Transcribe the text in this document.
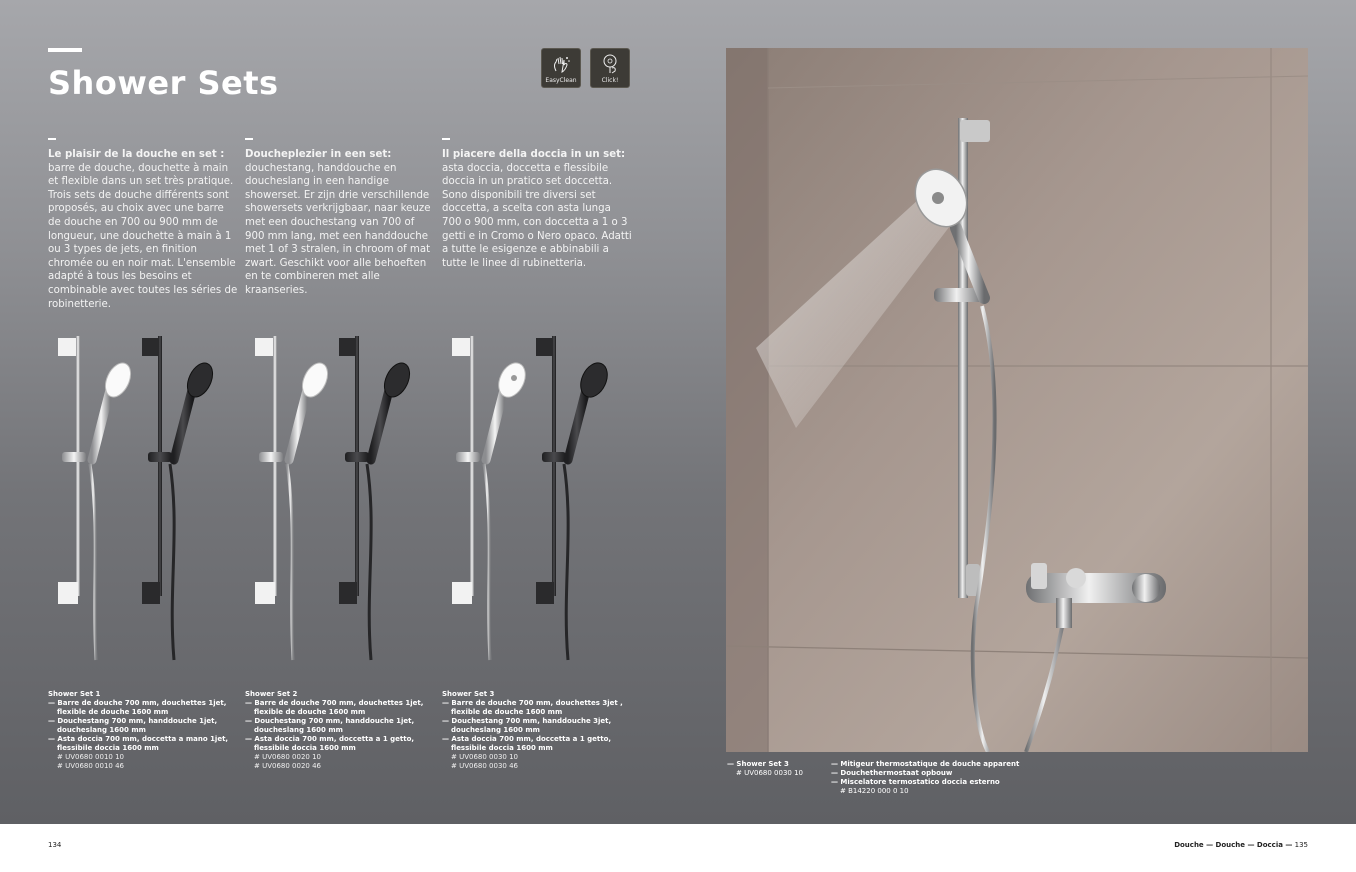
Shower Sets	EasyClean	Click!

Le plaisir de la douche en set : barre de douche, douchette à main et flexible dans un set très pratique. Trois sets de douche différents sont proposés, au choix avec une barre de douche en 700 ou 900 mm de longueur, une douchette à main à 1 ou 3 types de jets, en finition chromée ou en noir mat. L'ensemble adapté à tous les besoins et combinable avec toutes les séries de robinetterie.

Doucheplezier in een set: douchestang, handdouche en doucheslang in een handige showerset. Er zijn drie verschillende showersets verkrijgbaar, naar keuze met een douchestang van 700 of 900 mm lang, met een handdouche met 1 of 3 stralen, in chroom of mat zwart. Geschikt voor alle behoeften en te combineren met alle kraanseries.

Il piacere della doccia in un set: asta doccia, doccetta e flessibile doccia in un pratico set doccetta. Sono disponibili tre diversi set doccetta, a scelta con asta lunga 700 o 900 mm, con doccetta a 1 o 3 getti e in Cromo o Nero opaco. Adatti a tutte le esigenze e abbinabili a tutte le linee di rubinetteria.

Shower Set 1
— Barre de douche 700 mm, douchettes 1jet, flexible de douche 1600 mm
— Douchestang 700 mm, handdouche 1jet, doucheslang 1600 mm
— Asta doccia 700 mm, doccetta a mano 1jet, flessibile doccia 1600 mm
# UV0680 0010 10
# UV0680 0010 46
Shower Set 2
— Barre de douche 700 mm, douchettes 1jet, flexible de douche 1600 mm
— Douchestang 700 mm, handdouche 1jet, doucheslang 1600 mm
— Asta doccia 700 mm, doccetta a 1 getto, flessibile doccia 1600 mm
# UV0680 0020 10
# UV0680 0020 46
Shower Set 3
— Barre de douche 700 mm, douchettes 3jet , flexible de douche 1600 mm
— Douchestang 700 mm, handdouche 3jet, doucheslang 1600 mm
— Asta doccia 700 mm, doccetta a 1 getto, flessibile doccia 1600 mm
# UV0680 0030 10
# UV0680 0030 46	— Shower Set 3
# UV0680 0030 10
— Mitigeur thermostatique de douche apparent
— Douchethermostaat opbouw
— Miscelatore termostatico doccia esterno
# B14220 000 0 10
134	Douche — Douche — Doccia — 135
